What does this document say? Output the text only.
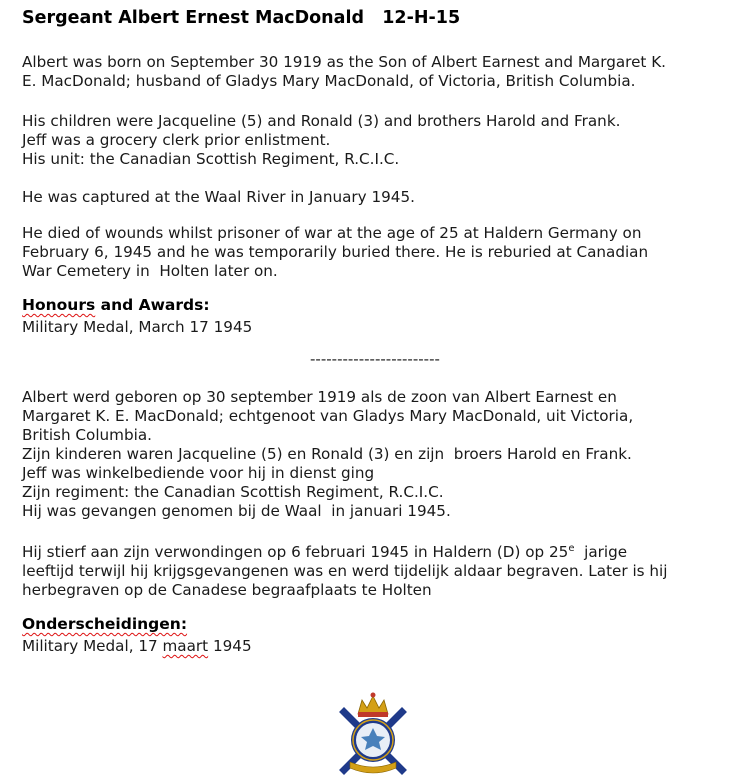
Sergeant Albert Ernest MacDonald   12-H-15

Albert was born on September 30 1919 as the Son of Albert Earnest and Margaret K.
E. MacDonald; husband of Gladys Mary MacDonald, of Victoria, British Columbia.

His children were Jacqueline (5) and Ronald (3) and brothers Harold and Frank.
Jeff was a grocery clerk prior enlistment.
His unit: the Canadian Scottish Regiment, R.C.I.C.

He was captured at the Waal River in January 1945.

He died of wounds whilst prisoner of war at the age of 25 at Haldern Germany on
February 6, 1945 and he was temporarily buried there. He is reburied at Canadian
War Cemetery in  Holten later on.

Honours and Awards:

Military Medal, March 17 1945

------------------------

Albert werd geboren op 30 september 1919 als de zoon van Albert Earnest en
Margaret K. E. MacDonald; echtgenoot van Gladys Mary MacDonald, uit Victoria,
British Columbia.
Zijn kinderen waren Jacqueline (5) en Ronald (3) en zijn  broers Harold en Frank.
Jeff was winkelbediende voor hij in dienst ging
Zijn regiment: the Canadian Scottish Regiment, R.C.I.C.
Hij was gevangen genomen bij de Waal  in januari 1945.

Hij stierf aan zijn verwondingen op 6 februari 1945 in Haldern (D) op 25e  jarige
leeftijd terwijl hij krijgsgevangenen was en werd tijdelijk aldaar begraven. Later is hij
herbegraven op de Canadese begraafplaats te Holten

Onderscheidingen:

Military Medal, 17 maart 1945
